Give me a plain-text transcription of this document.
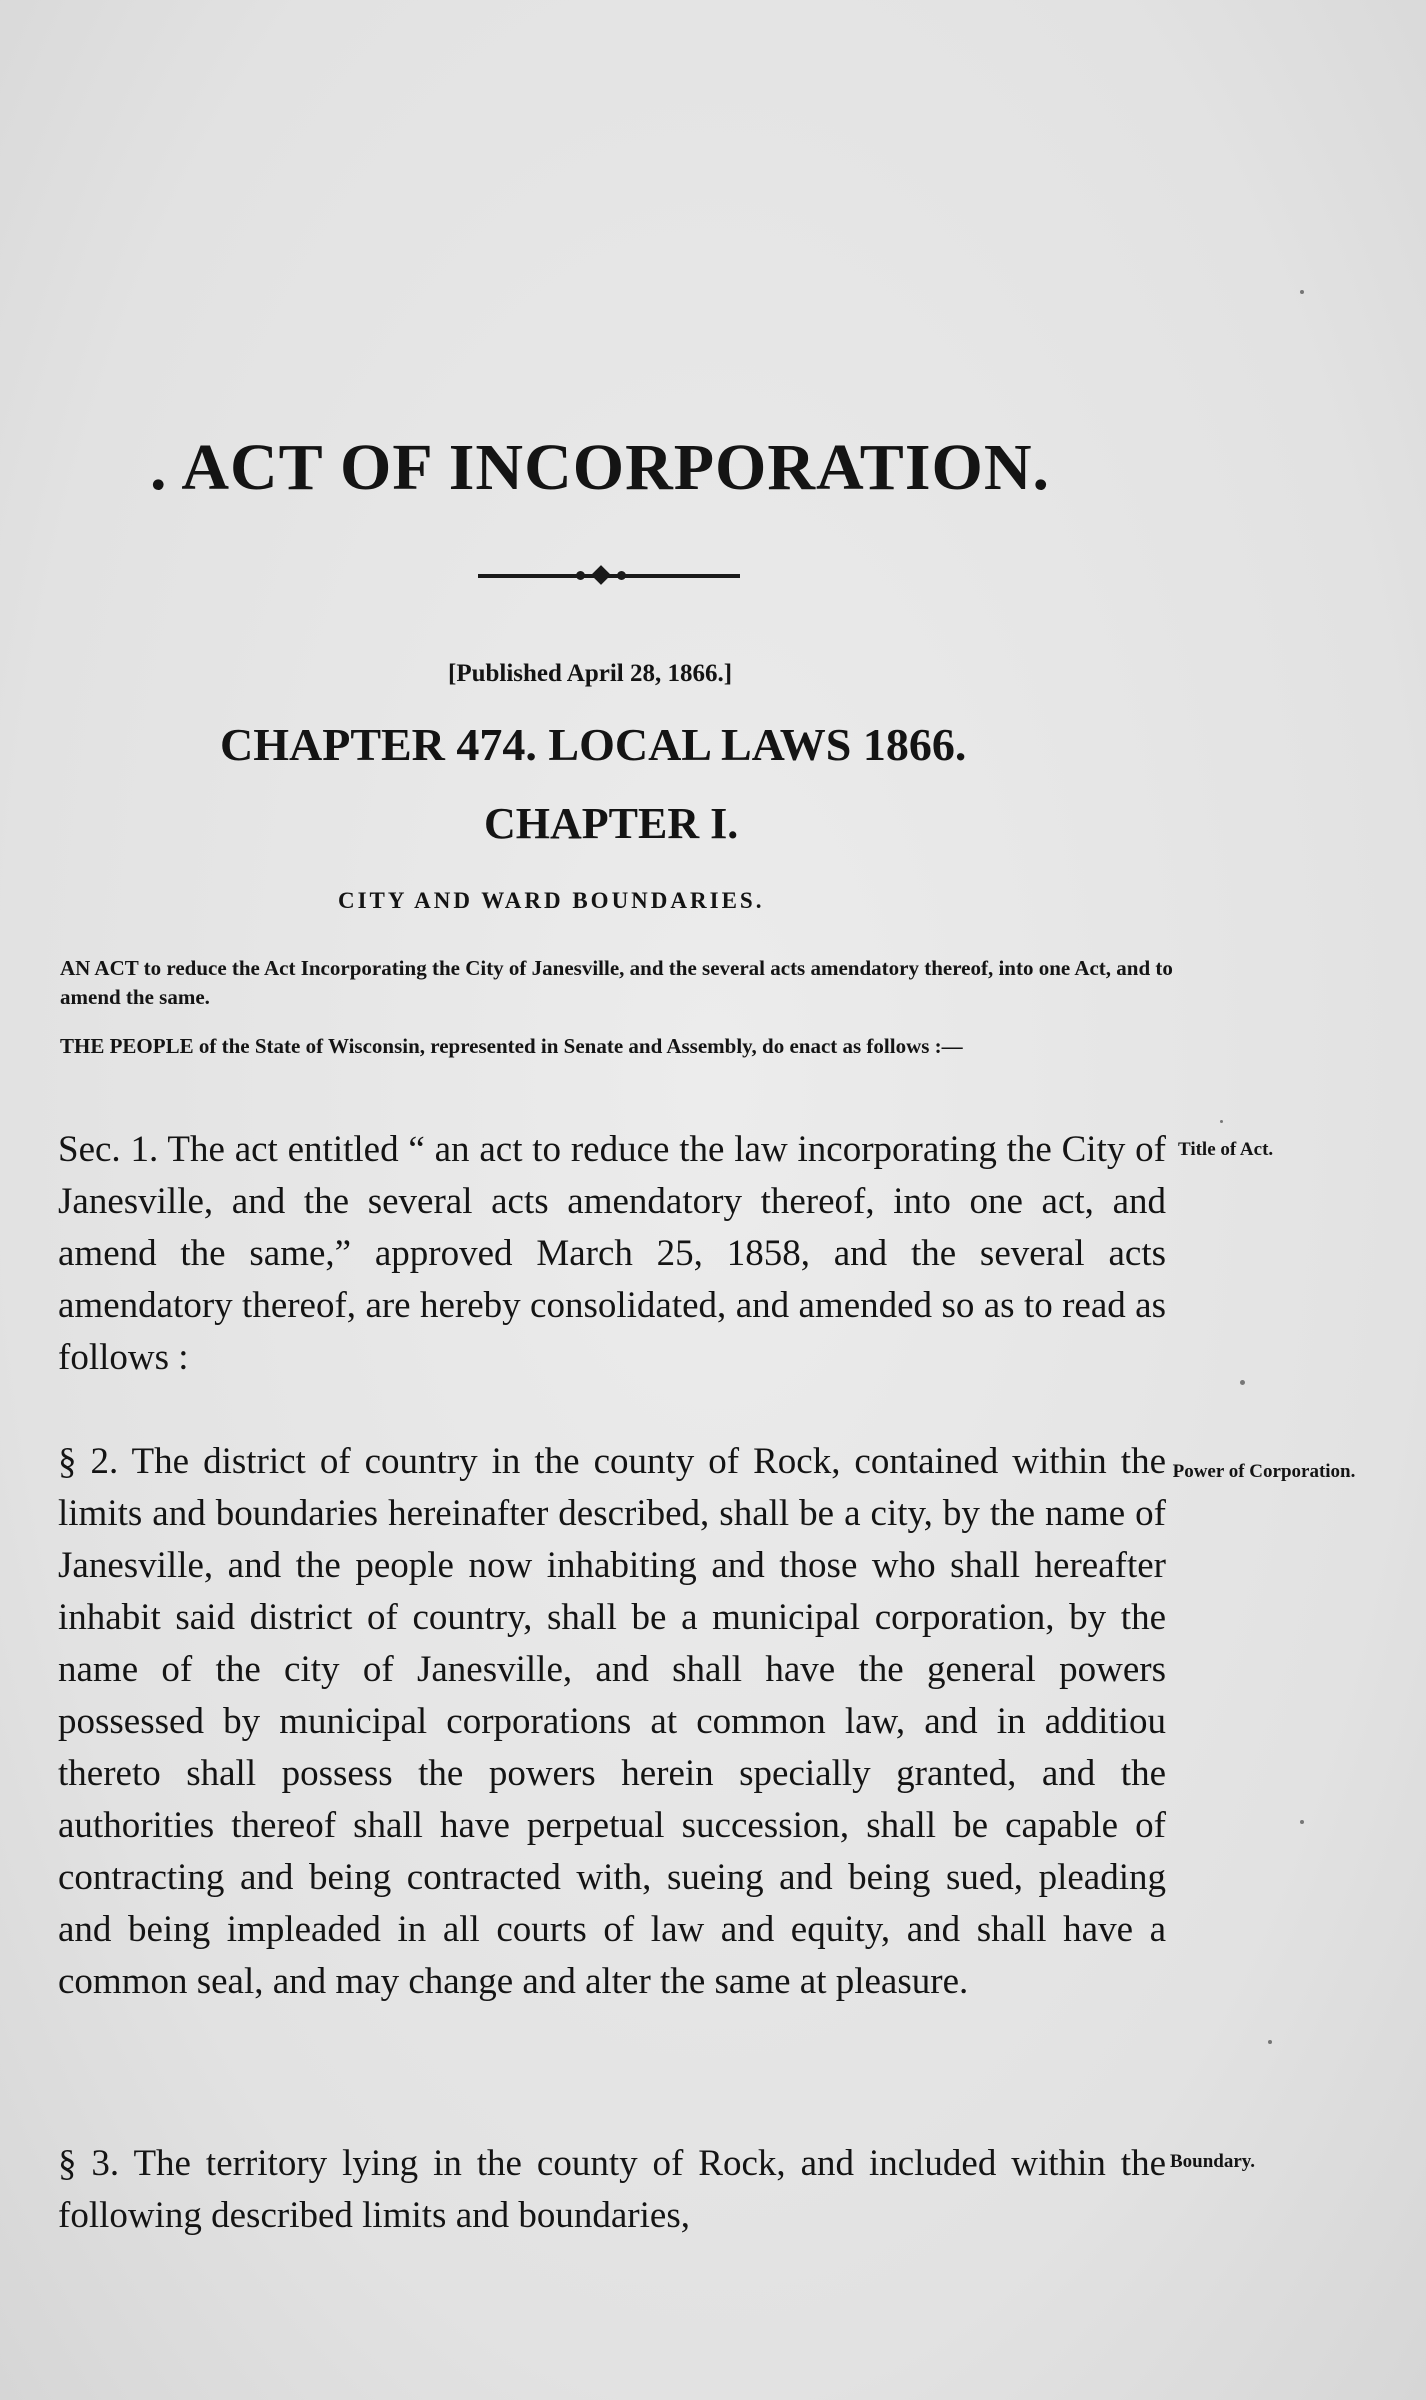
. ACT OF INCORPORATION.

[Published April 28, 1866.]

CHAPTER 474. LOCAL LAWS 1866.
CHAPTER I.
CITY AND WARD BOUNDARIES.

AN ACT to reduce the Act Incorporating the City of Janesville, and the several acts amendatory thereof, into one Act, and to amend the same.

THE PEOPLE of the State of Wisconsin, represented in Senate and Assembly, do enact as follows :—

Sec. 1. The act entitled “ an act to reduce the law incorporating the City of Janesville, and the several acts amendatory thereof, into one act, and amend the same,” approved March 25, 1858, and the several acts amendatory thereof, are hereby consolidated, and amended so as to read as follows :

Title of Act.

§ 2. The district of country in the county of Rock, contained within the limits and boundaries hereinafter described, shall be a city, by the name of Janesville, and the people now inhabiting and those who shall hereafter inhabit said district of country, shall be a municipal corporation, by the name of the city of Janesville, and shall have the general powers possessed by municipal corporations at common law, and in additiou thereto shall possess the powers herein specially granted, and the authorities thereof shall have perpetual succession, shall be capable of contracting and being contracted with, sueing and being sued, pleading and being impleaded in all courts of law and equity, and shall have a common seal, and may change and alter the same at pleasure.

Power of Corporation.

§ 3. The territory lying in the county of Rock, and included within the following described limits and boundaries,

Boundary.
